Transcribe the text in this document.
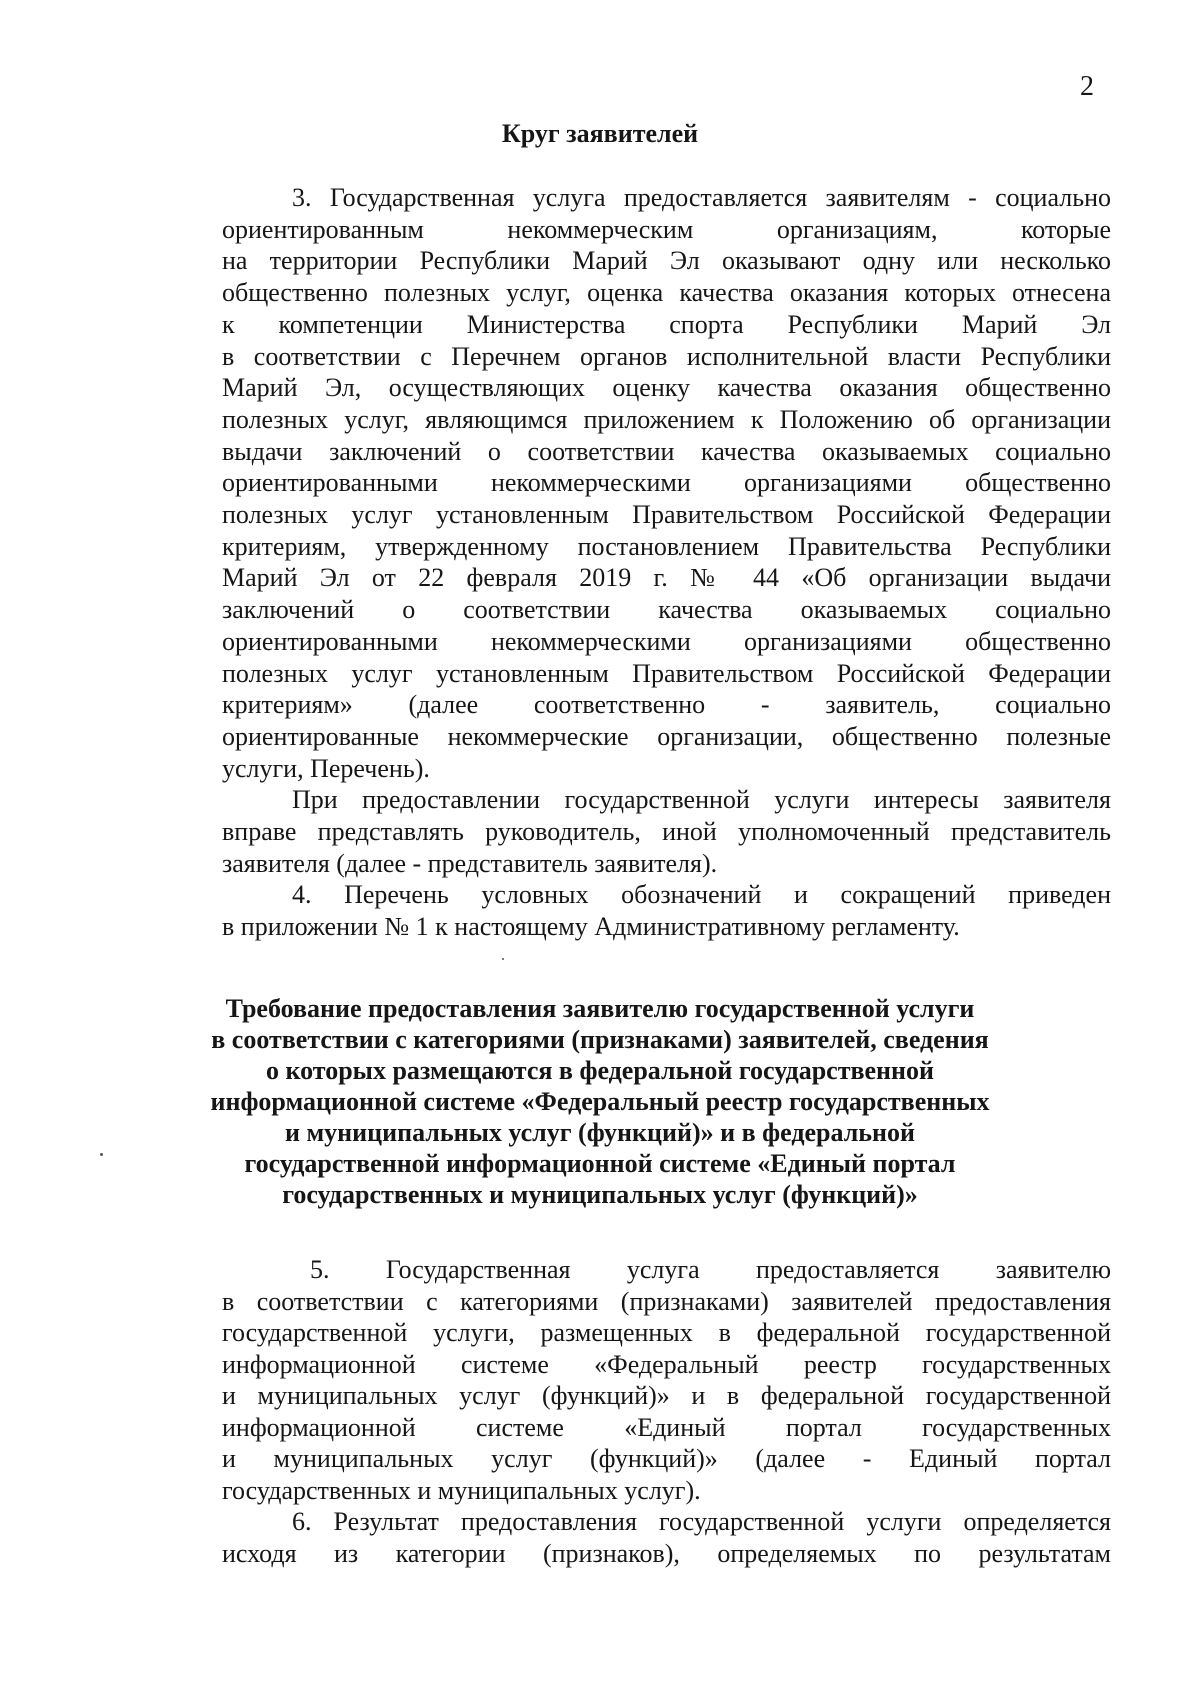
2
Круг заявителей
3. Государственная услуга предоставляется заявителям - социально
ориентированным некоммерческим организациям, которые
на территории Республики Марий Эл оказывают одну или несколько
общественно полезных услуг, оценка качества оказания которых отнесена
к компетенции Министерства спорта Республики Марий Эл
в соответствии с Перечнем органов исполнительной власти Республики
Марий Эл, осуществляющих оценку качества оказания общественно
полезных услуг, являющимся приложением к Положению об организации
выдачи заключений о соответствии качества оказываемых социально
ориентированными некоммерческими организациями общественно
полезных услуг установленным Правительством Российской Федерации
критериям, утвержденному постановлением Правительства Республики
Марий Эл от 22 февраля 2019 г. № 44 «Об организации выдачи
заключений о соответствии качества оказываемых социально
ориентированными некоммерческими организациями общественно
полезных услуг установленным Правительством Российской Федерации
критериям» (далее соответственно - заявитель, социально
ориентированные некоммерческие организации, общественно полезные
услуги, Перечень).
При предоставлении государственной услуги интересы заявителя
вправе представлять руководитель, иной уполномоченный представитель
заявителя (далее - представитель заявителя).
4. Перечень условных обозначений и сокращений приведен
в приложении № 1 к настоящему Административному регламенту.
Требование предоставления заявителю государственной услуги
в соответствии с категориями (признаками) заявителей, сведения
о которых размещаются в федеральной государственной
информационной системе «Федеральный реестр государственных
и муниципальных услуг (функций)» и в федеральной
государственной информационной системе «Единый портал
государственных и муниципальных услуг (функций)»
5. Государственная услуга предоставляется заявителю
в соответствии с категориями (признаками) заявителей предоставления
государственной услуги, размещенных в федеральной государственной
информационной системе «Федеральный реестр государственных
и муниципальных услуг (функций)» и в федеральной государственной
информационной системе «Единый портал государственных
и муниципальных услуг (функций)» (далее - Единый портал
государственных и муниципальных услуг).
6. Результат предоставления государственной услуги определяется
исходя из категории (признаков), определяемых по результатам
